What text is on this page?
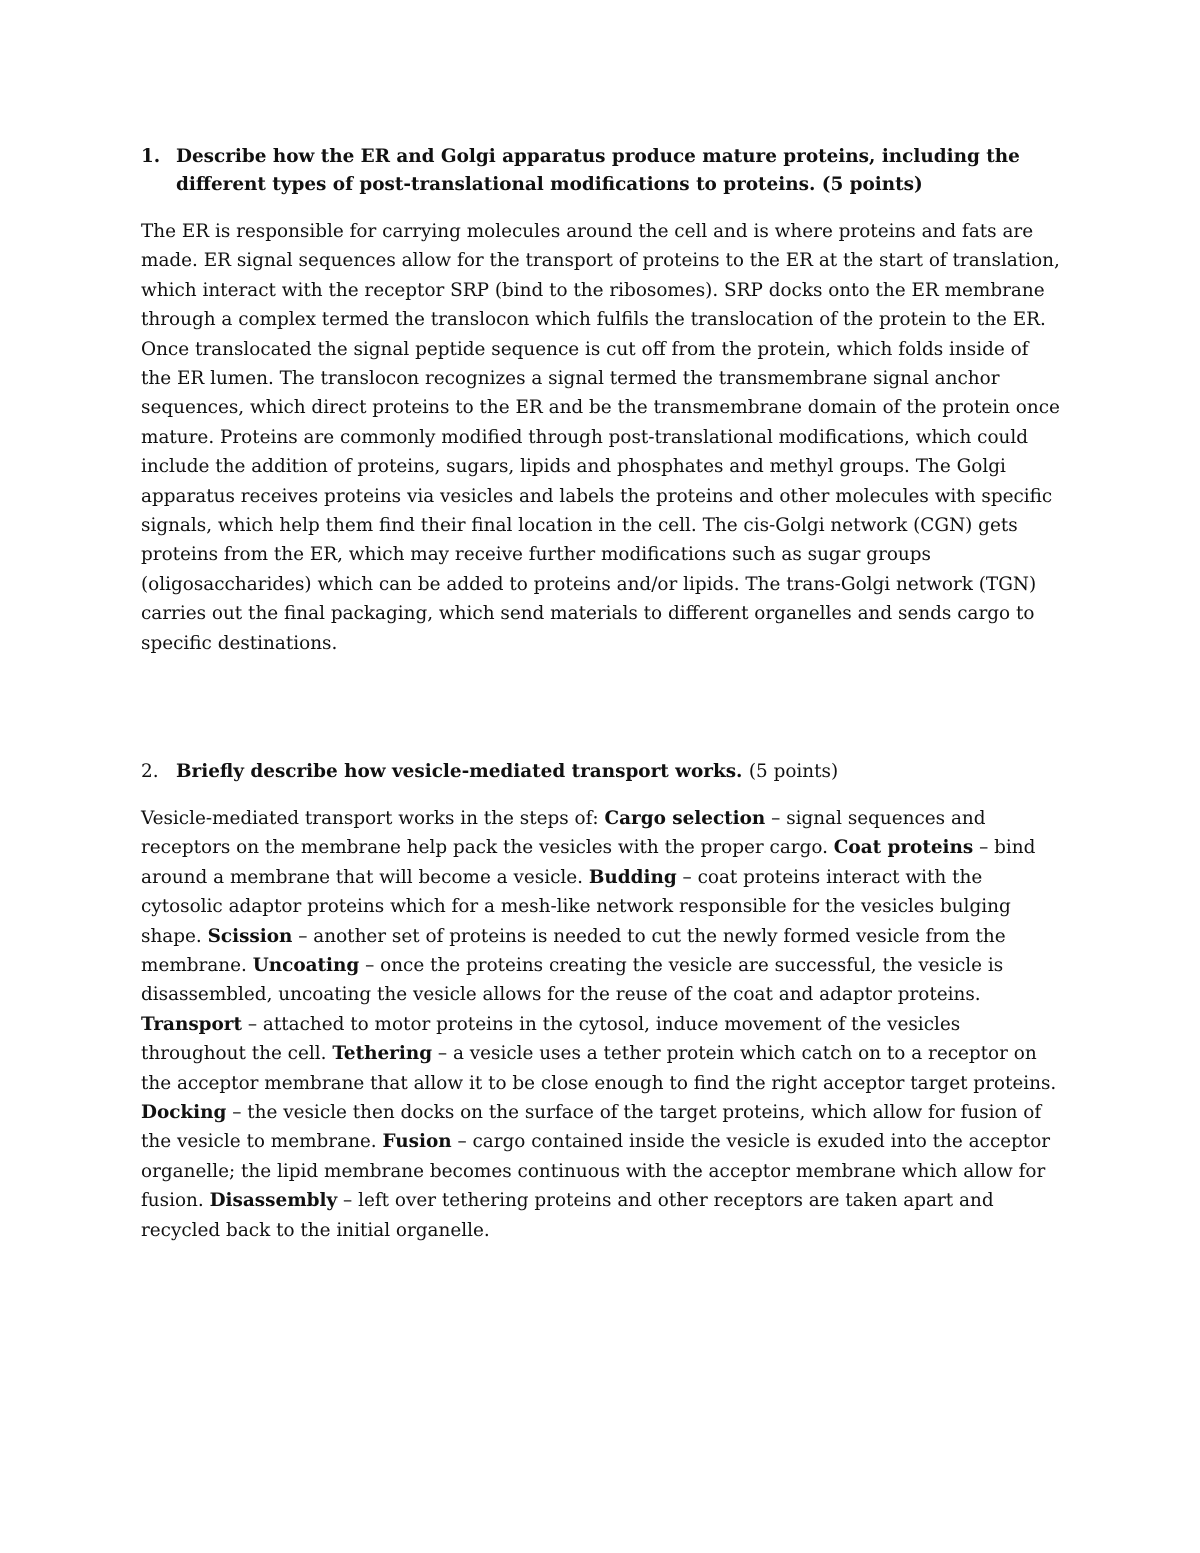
1. Describe how the ER and Golgi apparatus produce mature proteins, including the different types of post-translational modifications to proteins. (5 points)

The ER is responsible for carrying molecules around the cell and is where proteins and fats are made. ER signal sequences allow for the transport of proteins to the ER at the start of translation, which interact with the receptor SRP (bind to the ribosomes). SRP docks onto the ER membrane through a complex termed the translocon which fulfils the translocation of the protein to the ER. Once translocated the signal peptide sequence is cut off from the protein, which folds inside of the ER lumen. The translocon recognizes a signal termed the transmembrane signal anchor sequences, which direct proteins to the ER and be the transmembrane domain of the protein once mature. Proteins are commonly modified through post-translational modifications, which could include the addition of proteins, sugars, lipids and phosphates and methyl groups. The Golgi apparatus receives proteins via vesicles and labels the proteins and other molecules with specific signals, which help them find their final location in the cell. The cis-Golgi network (CGN) gets proteins from the ER, which may receive further modifications such as sugar groups (oligosaccharides) which can be added to proteins and/or lipids. The trans-Golgi network (TGN) carries out the final packaging, which send materials to different organelles and sends cargo to specific destinations.

2. Briefly describe how vesicle-mediated transport works. (5 points)

Vesicle-mediated transport works in the steps of: Cargo selection – signal sequences and receptors on the membrane help pack the vesicles with the proper cargo. Coat proteins – bind around a membrane that will become a vesicle. Budding – coat proteins interact with the cytosolic adaptor proteins which for a mesh-like network responsible for the vesicles bulging shape. Scission – another set of proteins is needed to cut the newly formed vesicle from the membrane. Uncoating – once the proteins creating the vesicle are successful, the vesicle is disassembled, uncoating the vesicle allows for the reuse of the coat and adaptor proteins. Transport – attached to motor proteins in the cytosol, induce movement of the vesicles throughout the cell. Tethering – a vesicle uses a tether protein which catch on to a receptor on the acceptor membrane that allow it to be close enough to find the right acceptor target proteins. Docking – the vesicle then docks on the surface of the target proteins, which allow for fusion of the vesicle to membrane. Fusion – cargo contained inside the vesicle is exuded into the acceptor organelle; the lipid membrane becomes continuous with the acceptor membrane which allow for fusion. Disassembly – left over tethering proteins and other receptors are taken apart and recycled back to the initial organelle.
